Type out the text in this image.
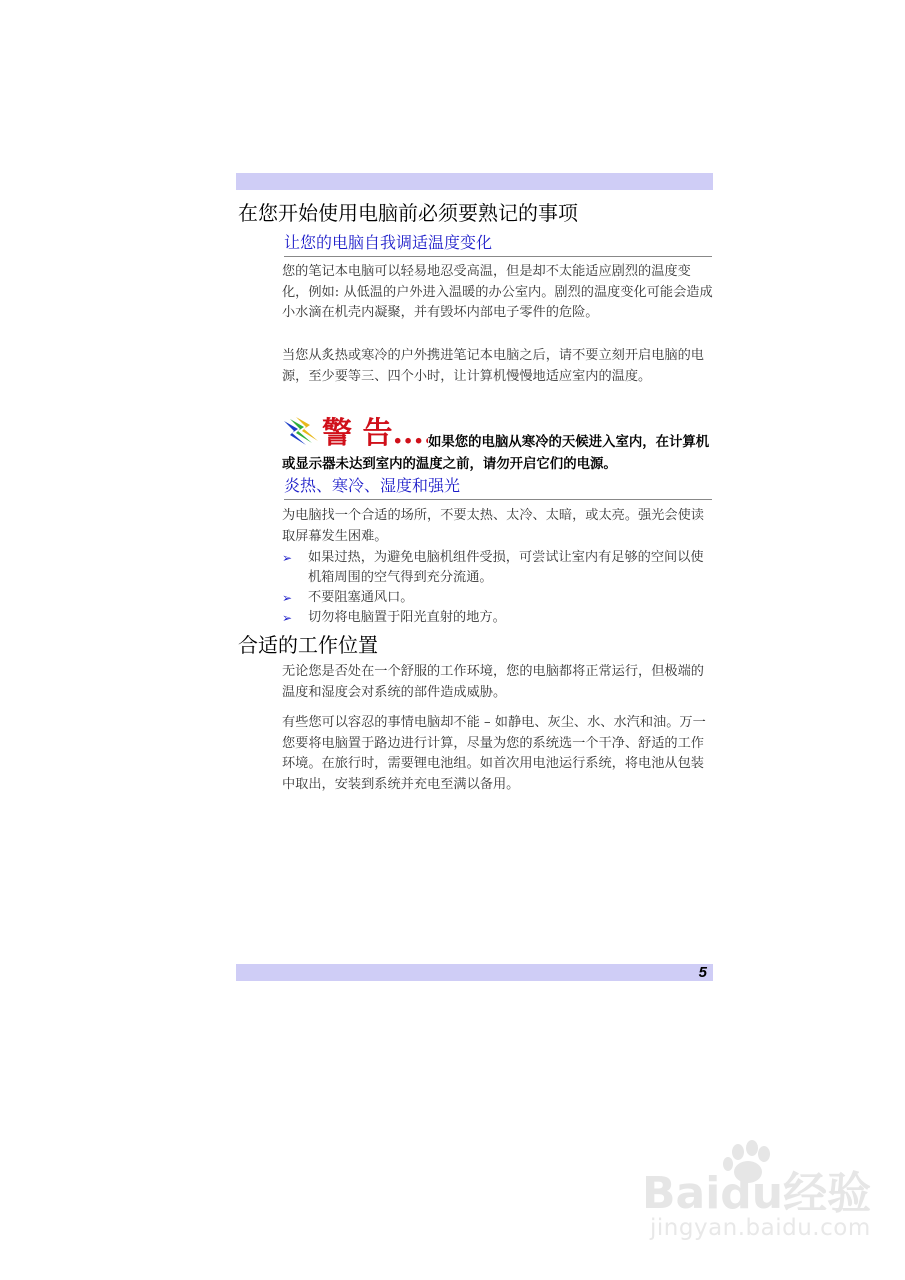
在您开始使用电脑前必须要熟记的事项
让您的电脑自我调适温度变化

您的笔记本电脑可以轻易地忍受高温，但是却不太能适应剧烈的温度变化，例如: 从低温的户外进入温暖的办公室内。剧烈的温度变化可能会造成小水滴在机壳内凝聚，并有毁坏内部电子零件的危险。

当您从炙热或寒冷的户外携进笔记本电脑之后，请不要立刻开启电脑的电源，至少要等三、四个小时，让计算机慢慢地适应室内的温度。

警 告....
如果您的电脑从寒冷的天候进入室内，在计算机或显示器未达到室内的温度之前，请勿开启它们的电源。
炎热、寒冷、湿度和强光

为电脑找一个合适的场所，不要太热、太冷、太暗，或太亮。强光会使读取屏幕发生困难。

➢ 如果过热，为避免电脑机组件受损，可尝试让室内有足够的空间以使机箱周围的空气得到充分流通。
➢ 不要阻塞通风口。
➢ 切勿将电脑置于阳光直射的地方。
合适的工作位置

无论您是否处在一个舒服的工作环境，您的电脑都将正常运行，但极端的温度和湿度会对系统的部件造成威胁。

有些您可以容忍的事情电脑却不能 – 如静电、灰尘、水、水汽和油。万一您要将电脑置于路边进行计算，尽量为您的系统选一个干净、舒适的工作环境。在旅行时，需要锂电池组。如首次用电池运行系统，将电池从包装中取出，安装到系统并充电至满以备用。

5
Baidu经验
jingyan.baidu.com
